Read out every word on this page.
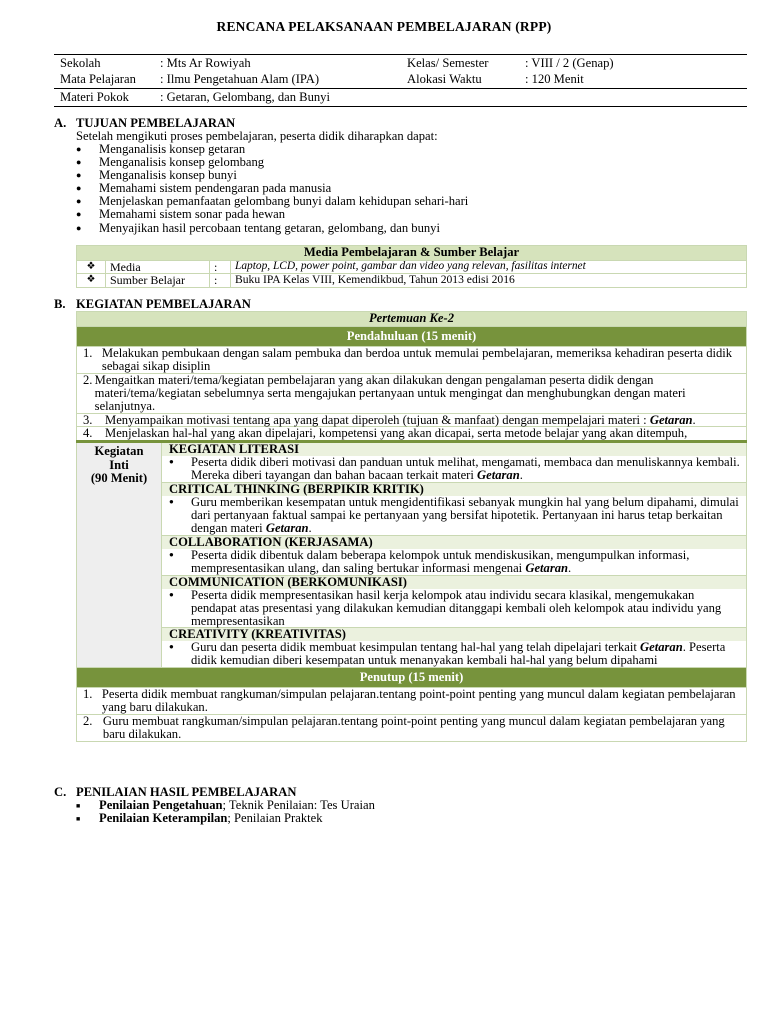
RENCANA PELAKSANAAN PEMBELAJARAN (RPP)
Sekolah	: Mts Ar Rowiyah	Kelas/ Semester	: VIII / 2 (Genap)
Mata Pelajaran	: Ilmu Pengetahuan Alam (IPA)	Alokasi Waktu	: 120 Menit
Materi Pokok	: Getaran, Gelombang, dan Bunyi
A. TUJUAN PEMBELAJARAN
Setelah mengikuti proses pembelajaran, peserta didik diharapkan dapat:
● Menganalisis konsep getaran
● Menganalisis konsep gelombang
● Menganalisis konsep bunyi
● Memahami sistem pendengaran pada manusia
● Menjelaskan pemanfaatan gelombang bunyi dalam kehidupan sehari-hari
● Memahami sistem sonar pada hewan
● Menyajikan hasil percobaan tentang getaran, gelombang, dan bunyi
Media Pembelajaran & Sumber Belajar			
❖	Media	:	Laptop, LCD, power point, gambar dan video yang relevan, fasilitas internet
❖	Sumber Belajar	:	Buku IPA Kelas VIII, Kemendikbud, Tahun 2013 edisi 2016
B. KEGIATAN PEMBELAJARAN
Pertemuan Ke-2
Pendahuluan (15 menit)

1. Melakukan pembukaan dengan salam pembuka dan berdoa untuk memulai pembelajaran, memeriksa kehadiran peserta didik sebagai sikap disiplin

2. Mengaitkan materi/tema/kegiatan pembelajaran yang akan dilakukan dengan pengalaman peserta didik dengan materi/tema/kegiatan sebelumnya serta mengajukan pertanyaan untuk mengingat dan menghubungkan dengan materi selanjutnya.

3. Menyampaikan motivasi tentang apa yang dapat diperoleh (tujuan & manfaat) dengan mempelajari materi : Getaran.

4. Menjelaskan hal-hal yang akan dipelajari, kompetensi yang akan dicapai, serta metode belajar yang akan ditempuh,

Kegiatan
Inti
(90 Menit)

KEGIATAN LITERASI
● Peserta didik diberi motivasi dan panduan untuk melihat, mengamati, membaca dan menuliskannya kembali. Mereka diberi tayangan dan bahan bacaan terkait materi Getaran.
CRITICAL THINKING (BERPIKIR KRITIK)
● Guru memberikan kesempatan untuk mengidentifikasi sebanyak mungkin hal yang belum dipahami, dimulai dari pertanyaan faktual sampai ke pertanyaan yang bersifat hipotetik. Pertanyaan ini harus tetap berkaitan dengan materi Getaran.
COLLABORATION (KERJASAMA)
● Peserta didik dibentuk dalam beberapa kelompok untuk mendiskusikan, mengumpulkan informasi, mempresentasikan ulang, dan saling bertukar informasi mengenai Getaran.
COMMUNICATION (BERKOMUNIKASI)
● Peserta didik mempresentasikan hasil kerja kelompok atau individu secara klasikal, mengemukakan pendapat atas presentasi yang dilakukan kemudian ditanggapi kembali oleh kelompok atau individu yang mempresentasikan
CREATIVITY (KREATIVITAS)
● Guru dan peserta didik membuat kesimpulan tentang hal-hal yang telah dipelajari terkait Getaran. Peserta didik kemudian diberi kesempatan untuk menanyakan kembali hal-hal yang belum dipahami

Penutup (15 menit)

1. Peserta didik membuat rangkuman/simpulan pelajaran.tentang point-point penting yang muncul dalam kegiatan pembelajaran yang baru dilakukan.

2. Guru membuat rangkuman/simpulan pelajaran.tentang point-point penting yang muncul dalam kegiatan pembelajaran yang baru dilakukan.
C. PENILAIAN HASIL PEMBELAJARAN
■ Penilaian Pengetahuan; Teknik Penilaian: Tes Uraian
■ Penilaian Keterampilan; Penilaian Praktek
